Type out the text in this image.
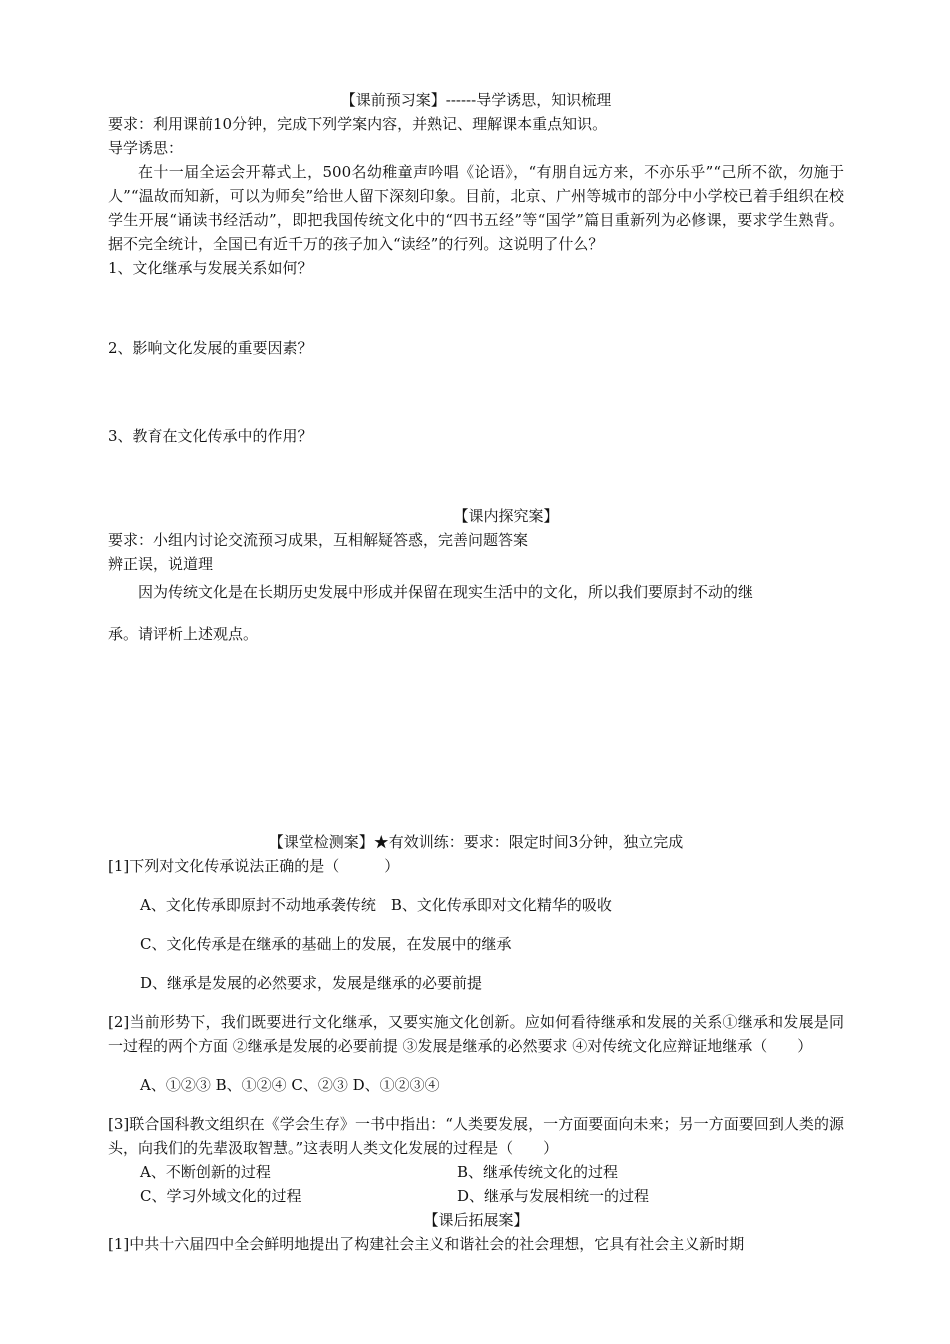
【课前预习案】------导学诱思，知识梳理

要求：利用课前10分钟，完成下列学案内容，并熟记、理解课本重点知识。

导学诱思：

在十一届全运会开幕式上，500名幼稚童声吟唱《论语》，“有朋自远方来，不亦乐乎”“己所不欲，勿施于人”“温故而知新，可以为师矣”给世人留下深刻印象。目前，北京、广州等城市的部分中小学校已着手组织在校学生开展“诵读书经活动”，即把我国传统文化中的“四书五经”等“国学”篇目重新列为必修课，要求学生熟背。据不完全统计，全国已有近千万的孩子加入“读经”的行列。这说明了什么？

1、文化继承与发展关系如何？

2、影响文化发展的重要因素？

3、教育在文化传承中的作用？

【课内探究案】

要求：小组内讨论交流预习成果，互相解疑答惑，完善问题答案

辨正误，说道理

因为传统文化是在长期历史发展中形成并保留在现实生活中的文化，所以我们要原封不动的继

承。请评析上述观点。

【课堂检测案】★有效训练：要求：限定时间3分钟，独立完成

[1]下列对文化传承说法正确的是（　　　）

A、文化传承即原封不动地承袭传统　B、文化传承即对文化精华的吸收

C、文化传承是在继承的基础上的发展，在发展中的继承

D、继承是发展的必然要求，发展是继承的必要前提

[2]当前形势下，我们既要进行文化继承，又要实施文化创新。应如何看待继承和发展的关系①继承和发展是同一过程的两个方面 ②继承是发展的必要前提 ③发展是继承的必然要求 ④对传统文化应辩证地继承（　　）

A、①②③ B、①②④ C、②③ D、①②③④

[3]联合国科教文组织在《学会生存》一书中指出：“人类要发展，一方面要面向未来；另一方面要回到人类的源头，向我们的先辈汲取智慧。”这表明人类文化发展的过程是（　　）

A、不断创新的过程	B、继承传统文化的过程
C、学习外域文化的过程	D、继承与发展相统一的过程

【课后拓展案】

[1]中共十六届四中全会鲜明地提出了构建社会主义和谐社会的社会理想，它具有社会主义新时期
